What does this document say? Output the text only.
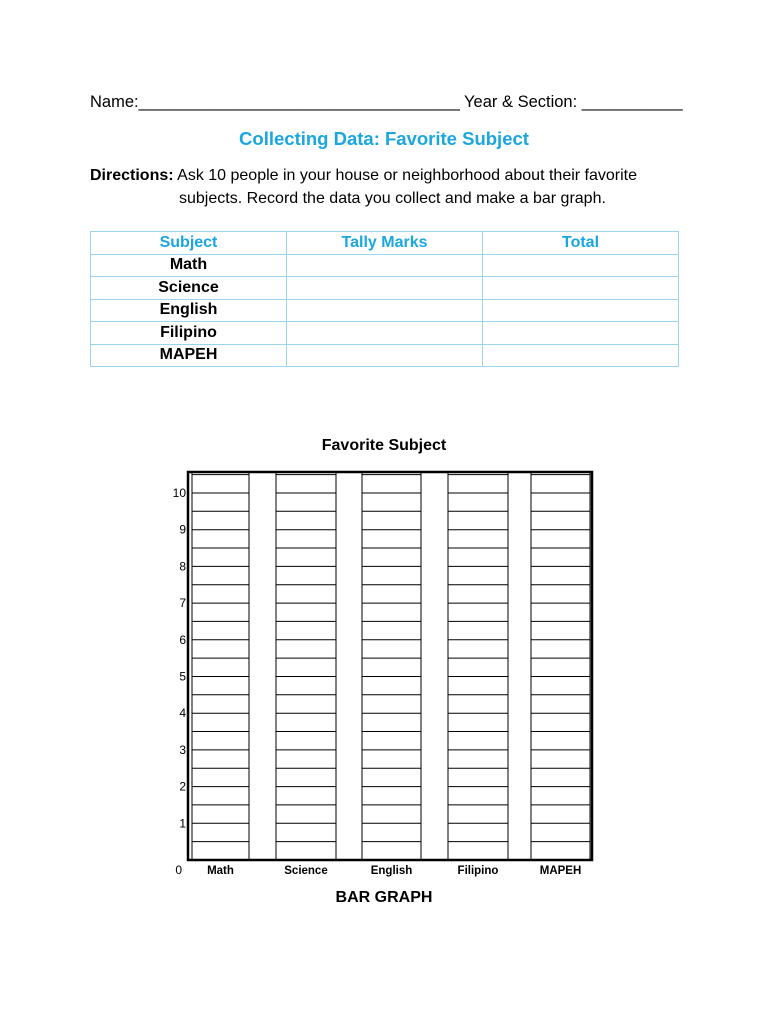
Name:___________________________________ Year & Section: ___________
Collecting Data: Favorite Subject
Directions: Ask 10 people in your house or neighborhood about their favorite
subjects. Record the data you collect and make a bar graph.
Subject	Tally Marks	Total
Math		
Science		
English		
Filipino		
MAPEH		
Favorite Subject
Math	Science	English	Filipino	MAPEH
0
1
2
3
4
5
6
7
8
9
10
BAR GRAPH
